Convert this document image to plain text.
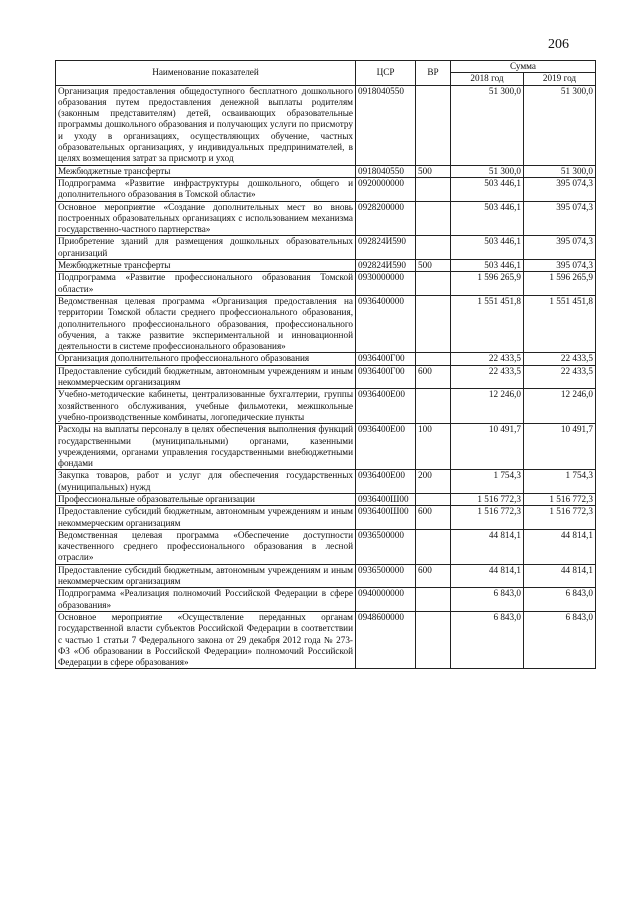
206
Наименование показателей	ЦСР	ВР	Сумма	
			2018 год	2019 год
Организация предоставления общедоступного бесплатного дошкольного образования путем предоставления денежной выплаты родителям (законным представителям) детей, осваивающих образовательные программы дошкольного образования и получающих услуги по присмотру и уходу в организациях, осуществляющих обучение, частных образовательных организациях, у индивидуальных предпринимателей, в целях возмещения затрат за присмотр и уход	0918040550		51 300,0	51 300,0
Межбюджетные трансферты	0918040550	500	51 300,0	51 300,0
Подпрограмма «Развитие инфраструктуры дошкольного, общего и дополнительного образования в Томской области»	0920000000		503 446,1	395 074,3
Основное мероприятие «Создание дополнительных мест во вновь построенных образовательных организациях с использованием механизма государственно-частного партнерства»	0928200000		503 446,1	395 074,3
Приобретение зданий для размещения дошкольных образовательных организаций	092824И590		503 446,1	395 074,3
Межбюджетные трансферты	092824И590	500	503 446,1	395 074,3
Подпрограмма «Развитие профессионального образования Томской области»	0930000000		1 596 265,9	1 596 265,9
Ведомственная целевая программа «Организация предоставления на территории Томской области среднего профессионального образования, дополнительного профессионального образования, профессионального обучения, а также развитие экспериментальной и инновационной деятельности в системе профессионального образования»	0936400000		1 551 451,8	1 551 451,8
Организация дополнительного профессионального образования	0936400Г00		22 433,5	22 433,5
Предоставление субсидий бюджетным, автономным учреждениям и иным некоммерческим организациям	0936400Г00	600	22 433,5	22 433,5
Учебно-методические кабинеты, централизованные бухгалтерии, группы хозяйственного обслуживания, учебные фильмотеки, межшкольные учебно-производственные комбинаты, логопедические пункты	0936400Е00		12 246,0	12 246,0
Расходы на выплаты персоналу в целях обеспечения выполнения функций государственными (муниципальными) органами, казенными учреждениями, органами управления государственными внебюджетными фондами	0936400Е00	100	10 491,7	10 491,7
Закупка товаров, работ и услуг для обеспечения государственных (муниципальных) нужд	0936400Е00	200	1 754,3	1 754,3
Профессиональные образовательные организации	0936400Ш00		1 516 772,3	1 516 772,3
Предоставление субсидий бюджетным, автономным учреждениям и иным некоммерческим организациям	0936400Ш00	600	1 516 772,3	1 516 772,3
Ведомственная целевая программа «Обеспечение доступности качественного среднего профессионального образования в лесной отрасли»	0936500000		44 814,1	44 814,1
Предоставление субсидий бюджетным, автономным учреждениям и иным некоммерческим организациям	0936500000	600	44 814,1	44 814,1
Подпрограмма «Реализация полномочий Российской Федерации в сфере образования»	0940000000		6 843,0	6 843,0
Основное мероприятие «Осуществление переданных органам государственной власти субъектов Российской Федерации в соответствии с частью 1 статьи 7 Федерального закона от 29 декабря 2012 года № 273-ФЗ «Об образовании в Российской Федерации» полномочий Российской Федерации в сфере образования»	0948600000		6 843,0	6 843,0
